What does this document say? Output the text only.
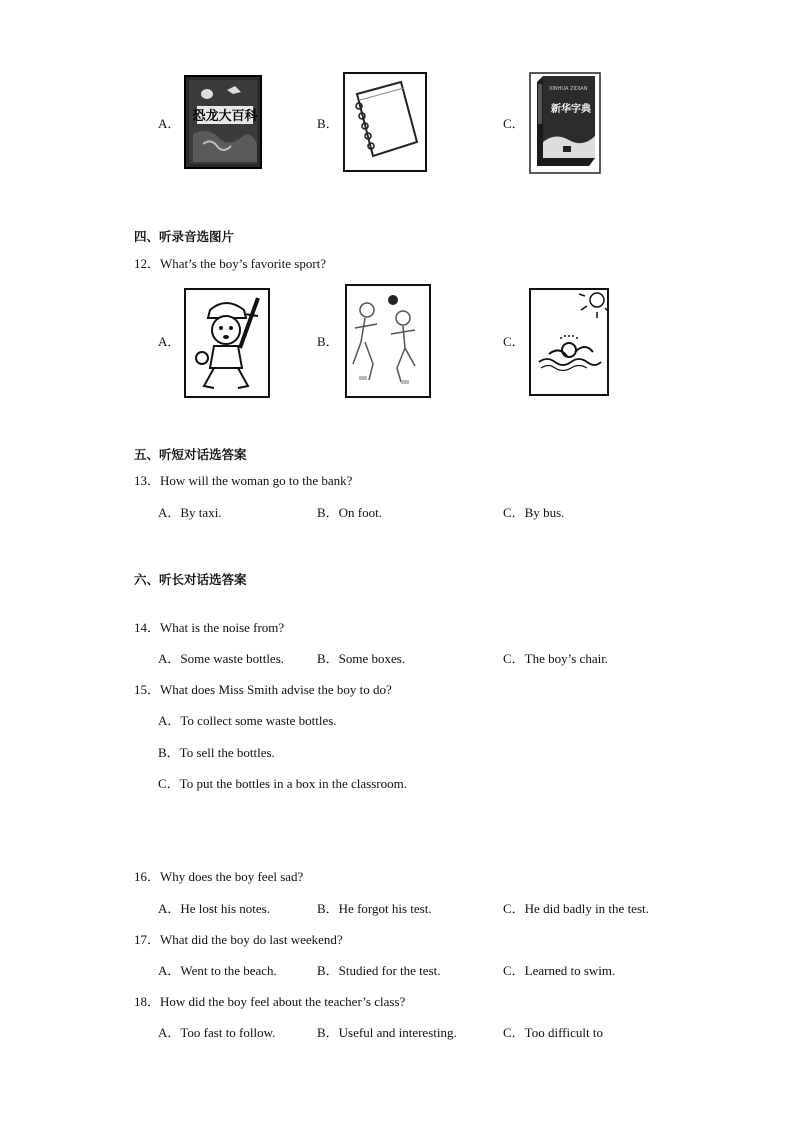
A． 恐龙大百科	B．	C．
XINHUA ZIDIAN
新华字典
四、听录音选图片
12．What’s the boy’s favorite sport?
A．	B．	C．
五、听短对话选答案
13．How will the woman go to the bank?
A．By taxi.	B．On foot.	C．By bus.
六、听长对话选答案
14．What is the noise from?
A．Some waste bottles.	B．Some boxes.	C．The boy’s chair.
15．What does Miss Smith advise the boy to do?
A．To collect some waste bottles.
B．To sell the bottles.
C．To put the bottles in a box in the classroom.
16．Why does the boy feel sad?
A．He lost his notes.	B．He forgot his test.	C．He did badly in the test.
17．What did the boy do last weekend?
A．Went to the beach.	B．Studied for the test.	C．Learned to swim.
18．How did the boy feel about the teacher’s class?
A．Too fast to follow.	B．Useful and interesting.	C．Too difficult to
